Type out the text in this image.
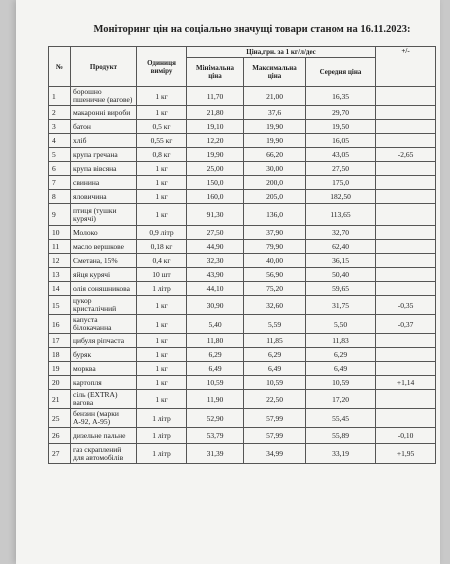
Моніторинг цін на соціально значущі товари станом на 16.11.2023:
№	Продукт	Одиниця виміру	Ціна,грн. за 1 кг/л/дес			+/-
			Мінімальна ціна	Максимальна ціна	Середня ціна	
1	борошно пшеничне (вагове)	1 кг	11,70	21,00	16,35	
2	макаронні вироби	1 кг	21,80	37,6	29,70	
3	батон	0,5 кг	19,10	19,90	19,50	
4	хліб	0,55 кг	12,20	19,90	16,05	
5	крупа гречана	0,8 кг	19,90	66,20	43,05	-2,65
6	крупа вівсяна	1 кг	25,00	30,00	27,50	
7	свинина	1 кг	150,0	200,0	175,0	
8	яловичина	1 кг	160,0	205,0	182,50	
9	птиця (тушки курячі)	1 кг	91,30	136,0	113,65	
10	Молоко	0,9 літр	27,50	37,90	32,70	
11	масло вершкове	0,18 кг	44,90	79,90	62,40	
12	Сметана, 15%	0,4 кг	32,30	40,00	36,15	
13	яйця курячі	10 шт	43,90	56,90	50,40	
14	олія соняшникова	1 літр	44,10	75,20	59,65	
15	цукор кристалічний	1 кг	30,90	32,60	31,75	-0,35
16	капуста білокачанна	1 кг	5,40	5,59	5,50	-0,37
17	цибуля ріпчаста	1 кг	11,80	11,85	11,83	
18	буряк	1 кг	6,29	6,29	6,29	
19	морква	1 кг	6,49	6,49	6,49	
20	картопля	1 кг	10,59	10,59	10,59	+1,14
21	сіль (EXTRA) вагова	1 кг	11,90	22,50	17,20	
25	бензин (марки А-92, А-95)	1 літр	52,90	57,99	55,45	
26	дизельне пальне	1 літр	53,79	57,99	55,89	-0,10
27	газ скраплений для автомобілів	1 літр	31,39	34,99	33,19	+1,95
